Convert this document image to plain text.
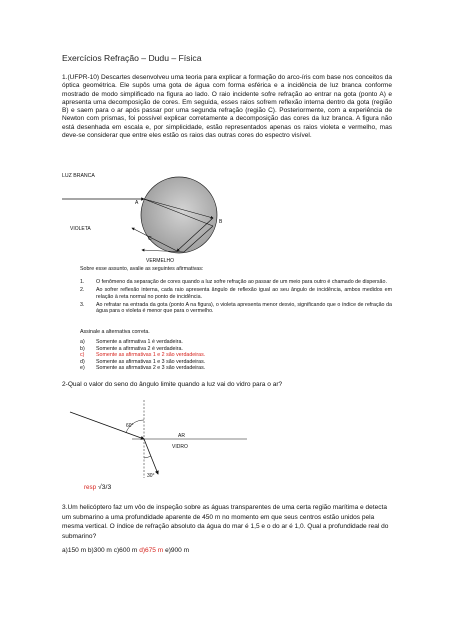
Exercícios Refração – Dudu – Física
1.(UFPR-10) Descartes desenvolveu uma teoria para explicar a formação do arco-íris com base nos conceitos da óptica geométrica. Ele supôs uma gota de água com forma esférica e a incidência de luz branca conforme mostrado de modo simplificado na figura ao lado. O raio incidente sofre refração ao entrar na gota (ponto A) e apresenta uma decomposição de cores. Em seguida, esses raios sofrem reflexão interna dentro da gota (região B) e saem para o ar após passar por uma segunda refração (região C). Posteriormente, com a experiência de Newton com prismas, foi possível explicar corretamente a decomposição das cores da luz branca. A figura não está desenhada em escala e, por simplicidade, estão representados apenas os raios violeta e vermelho, mas deve-se considerar que entre eles estão os raios das outras cores do espectro visível.
LUZ BRANCA
A
B
C
VIOLETA
VERMELHO
Sobre esse assunto, avalie as seguintes afirmativas:
1. O fenômeno da separação de cores quando a luz sofre refração ao passar de um meio para outro é chamado de dispersão.
2. Ao sofrer reflexão interna, cada raio apresenta ângulo de reflexão igual ao seu ângulo de incidência, ambos medidos em relação à reta normal no ponto de incidência.
3. Ao refratar na entrada da gota (ponto A na figura), o violeta apresenta menor desvio, significando que o índice de refração da água para o violeta é menor que para o vermelho.
Assinale a alternativa correta.
a) Somente a afirmativa 1 é verdadeira.
b) Somente a afirmativa 2 é verdadeira.
c) Somente as afirmativas 1 e 2 são verdadeiras.
d) Somente as afirmativas 1 e 3 são verdadeiras.
e) Somente as afirmativas 2 e 3 são verdadeiras.
2-Qual o valor do seno do ângulo limite quando a luz vai do vidro para o ar?
60°
AR
VIDRO
30°
resp √3/3
3.Um helicóptero faz um vôo de inspeção sobre as águas transparentes de uma certa região marítima e detecta um submarino a uma profundidade aparente de 450 m no momento em que seus centros estão unidos pela mesma vertical. O índice de refração absoluto da água do mar é 1,5 e o do ar é 1,0. Qual a profundidade real do submarino?
a)150 m b)300 m c)600 m d)675 m e)900 m
